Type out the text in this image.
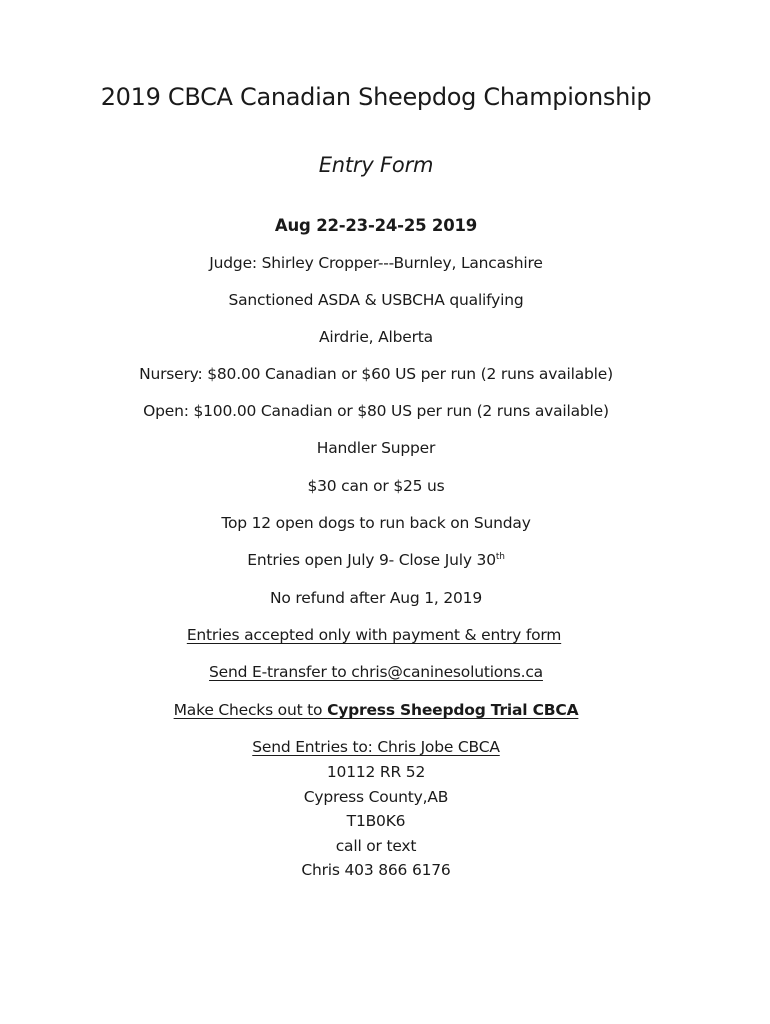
2019 CBCA Canadian Sheepdog Championship
Entry Form
Aug 22-23-24-25 2019
Judge: Shirley Cropper---Burnley, Lancashire
Sanctioned ASDA & USBCHA qualifying
Airdrie, Alberta
Nursery: $80.00 Canadian or $60 US per run (2 runs available)
Open: $100.00 Canadian or $80 US per run (2 runs available)
Handler Supper
$30 can or $25 us
Top 12 open dogs to run back on Sunday
Entries open July 9- Close July 30th
No refund after Aug 1, 2019
Entries accepted only with payment & entry form
Send E-transfer to chris@caninesolutions.ca
Make Checks out to Cypress Sheepdog Trial CBCA
Send Entries to: Chris Jobe CBCA
10112 RR 52
Cypress County,AB
T1B0K6
call or text
Chris 403 866 6176
